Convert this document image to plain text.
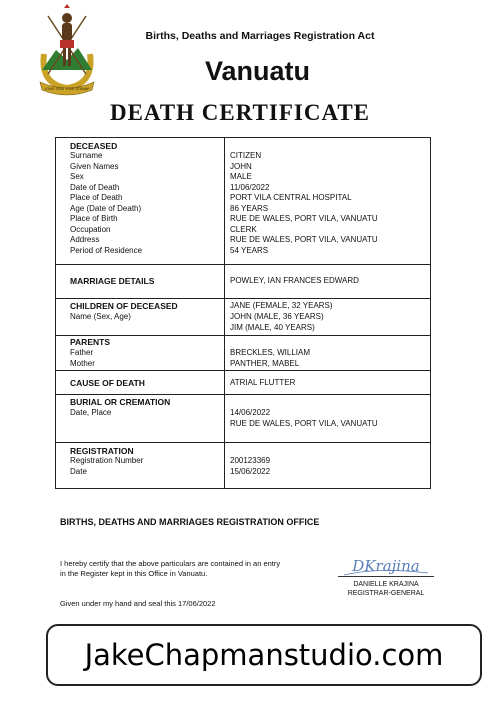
LONG GOD YUMI STANAP
Births, Deaths and Marriages Registration Act
Vanuatu
DEATH CERTIFICATE
DECEASED
Surname	CITIZEN
Given Names	JOHN
Sex	MALE
Date of Death	11/06/2022
Place of Death	PORT VILA CENTRAL HOSPITAL
Age (Date of Death)	86 YEARS
Place of Birth	RUE DE WALES, PORT VILA, VANUATU
Occupation	CLERK
Address	RUE DE WALES, PORT VILA, VANUATU
Period of Residence	54 YEARS
MARRIAGE DETAILS	POWLEY, IAN FRANCES EDWARD
CHILDREN OF DECEASED
Name (Sex, Age)
JANE (FEMALE, 32 YEARS)
JOHN (MALE, 36 YEARS)
JIM (MALE, 40 YEARS)
PARENTS
Father	BRECKLES, WILLIAM
Mother	PANTHER, MABEL
CAUSE OF DEATH	ATRIAL FLUTTER
BURIAL OR CREMATION
Date, Place	14/06/2022
RUE DE WALES, PORT VILA, VANUATU
REGISTRATION
Registration Number	200123369
Date	15/06/2022
BIRTHS, DEATHS AND MARRIAGES REGISTRATION OFFICE
I hereby certify that the above particulars are contained in an entry
in the Register kept in this Office in Vanuatu.	DKrajina
DANIELLE KRAJINA
REGISTRAR-GENERAL
Given under my hand and seal this 17/06/2022
JakeChapmanstudio.com
